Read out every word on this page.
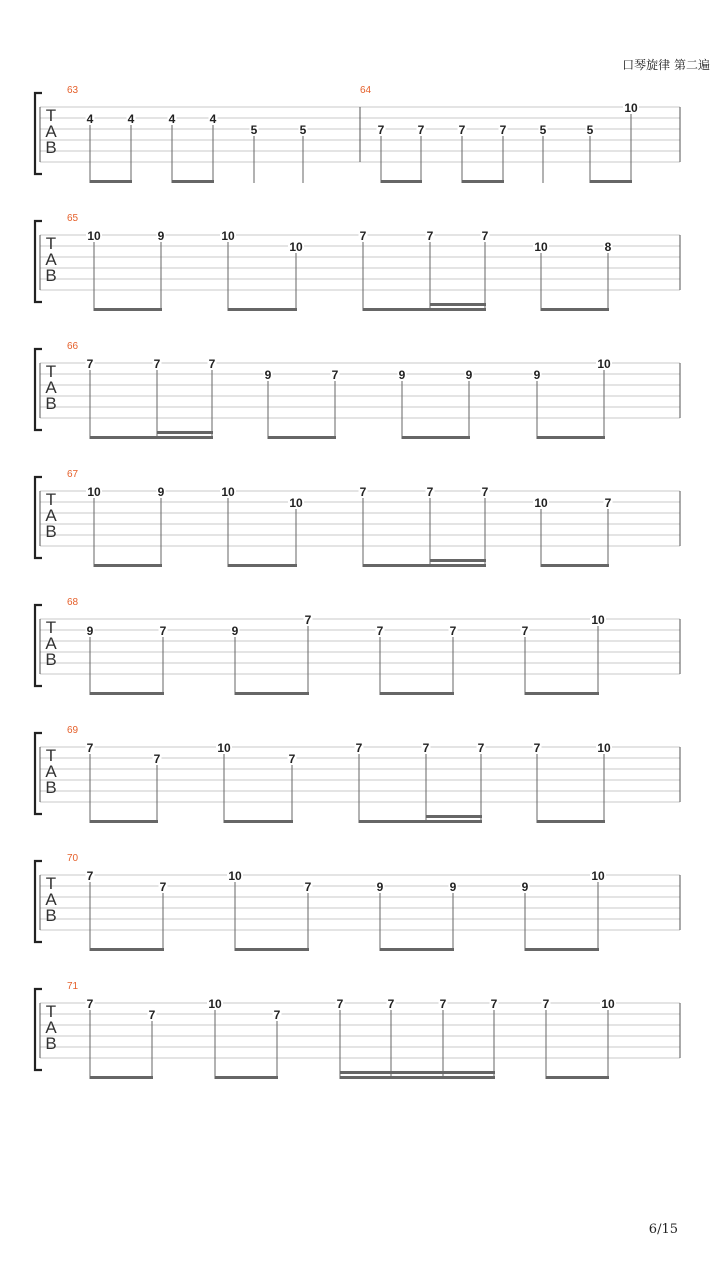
口琴旋律 第二遍
T
A
B
63
4	4	4	4
5	5
64
7	7	7	7	5	5
10
T
A
B
65
10	9	10
10
7	7	7
10	8
T
A
B
66
7	7	7
9	7	9	9	9
10
T
A
B
67
10	9	10
10
7	7	7
10	7
T
A
B
68
9	7	9
7
7	7	7
10
T
A
B
69
7
7
10
7
7	7	7	7	10
T
A
B
70
7
7
10
7	9	9	9
10
T
A
B
71
7
7
10
7
7	7	7	7	7	10
6/15
